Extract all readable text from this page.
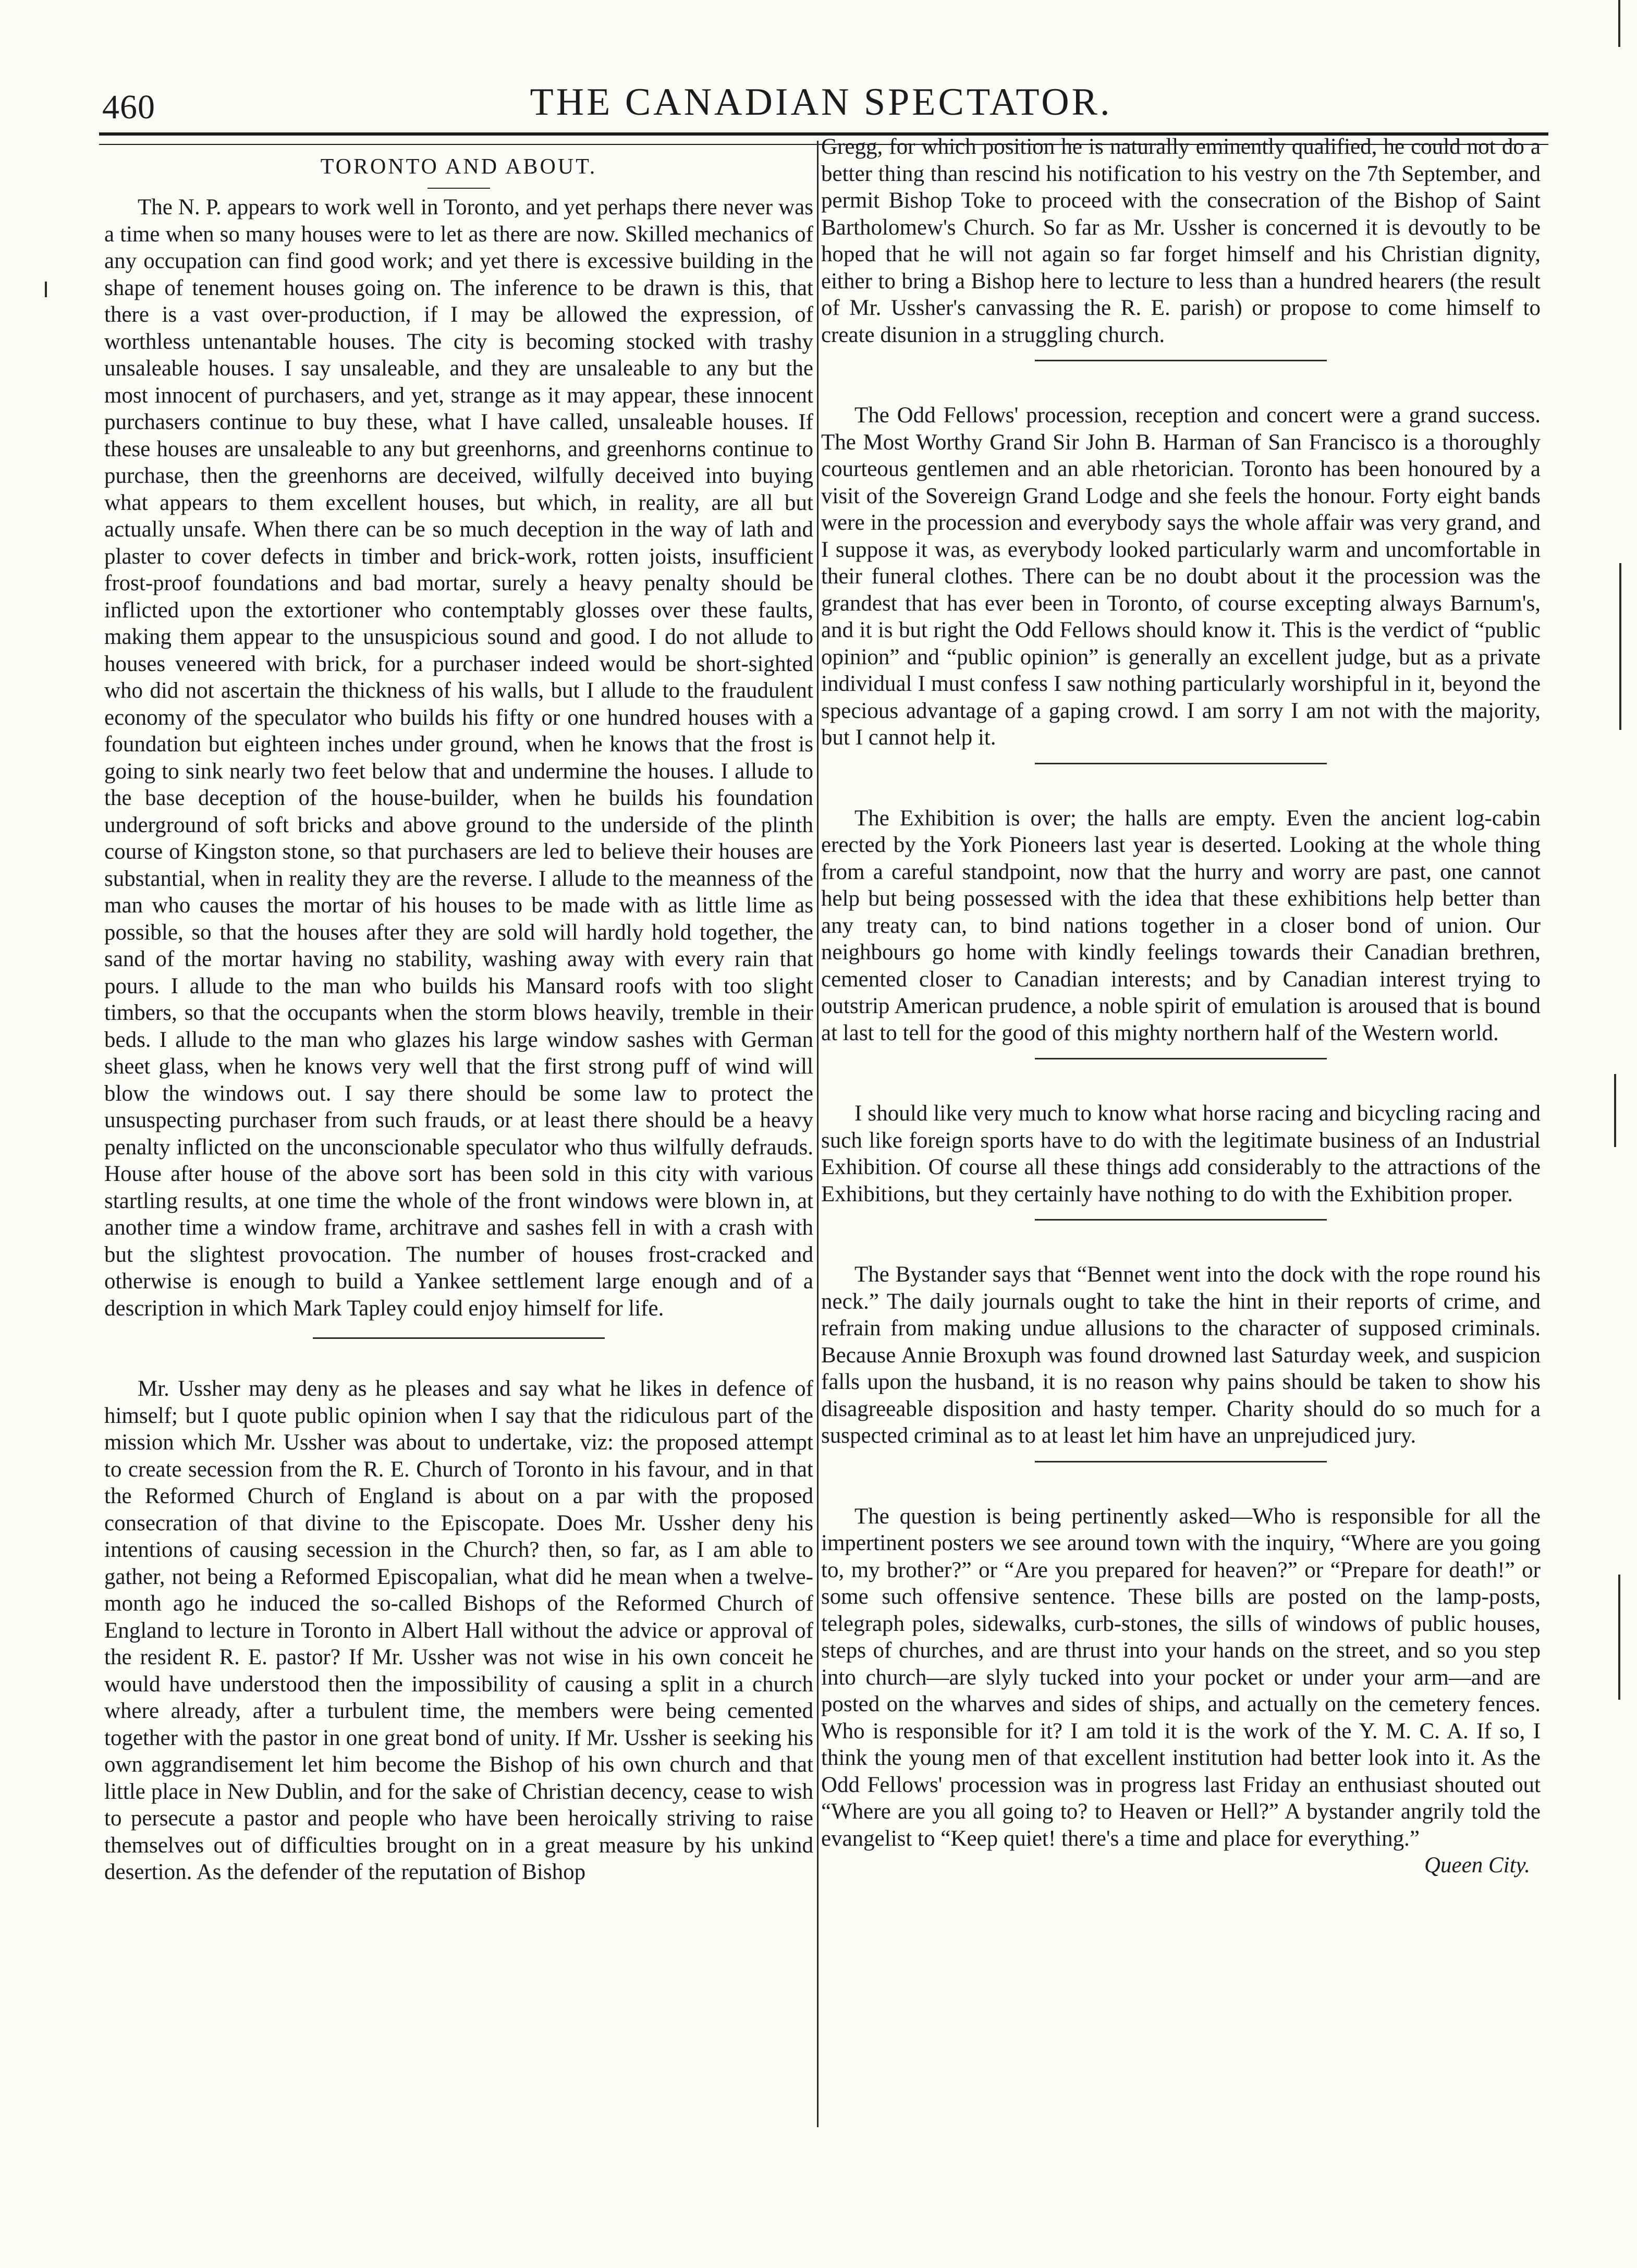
460	THE CANADIAN SPECTATOR.
TORONTO AND ABOUT.

The N. P. appears to work well in Toronto, and yet perhaps there never was a time when so many houses were to let as there are now. Skilled mechanics of any occupation can find good work; and yet there is excessive building in the shape of tenement houses going on. The inference to be drawn is this, that there is a vast over-production, if I may be allowed the expression, of worthless untenantable houses. The city is becoming stocked with trashy unsaleable houses. I say unsaleable, and they are unsaleable to any but the most innocent of purchasers, and yet, strange as it may appear, these innocent purchasers continue to buy these, what I have called, unsaleable houses. If these houses are unsaleable to any but greenhorns, and greenhorns continue to purchase, then the greenhorns are deceived, wilfully deceived into buying what appears to them excellent houses, but which, in reality, are all but actually unsafe. When there can be so much deception in the way of lath and plaster to cover defects in timber and brick-work, rotten joists, insufficient frost-proof foundations and bad mortar, surely a heavy penalty should be inflicted upon the extortioner who contemptably glosses over these faults, making them appear to the unsuspicious sound and good. I do not allude to houses veneered with brick, for a purchaser indeed would be short-sighted who did not ascertain the thickness of his walls, but I allude to the fraudulent economy of the speculator who builds his fifty or one hundred houses with a foundation but eighteen inches under ground, when he knows that the frost is going to sink nearly two feet below that and undermine the houses. I allude to the base deception of the house-builder, when he builds his foundation underground of soft bricks and above ground to the underside of the plinth course of Kingston stone, so that purchasers are led to believe their houses are substantial, when in reality they are the reverse. I allude to the meanness of the man who causes the mortar of his houses to be made with as little lime as possible, so that the houses after they are sold will hardly hold together, the sand of the mortar having no stability, washing away with every rain that pours. I allude to the man who builds his Mansard roofs with too slight timbers, so that the occupants when the storm blows heavily, tremble in their beds. I allude to the man who glazes his large window sashes with German sheet glass, when he knows very well that the first strong puff of wind will blow the windows out. I say there should be some law to protect the unsuspecting purchaser from such frauds, or at least there should be a heavy penalty inflicted on the unconscionable speculator who thus wilfully defrauds. House after house of the above sort has been sold in this city with various startling results, at one time the whole of the front windows were blown in, at another time a window frame, architrave and sashes fell in with a crash with but the slightest provocation. The number of houses frost-cracked and otherwise is enough to build a Yankee settlement large enough and of a description in which Mark Tapley could enjoy himself for life.

Mr. Ussher may deny as he pleases and say what he likes in defence of himself; but I quote public opinion when I say that the ridiculous part of the mission which Mr. Ussher was about to undertake, viz: the proposed attempt to create secession from the R. E. Church of Toronto in his favour, and in that the Reformed Church of England is about on a par with the proposed consecration of that divine to the Episcopate. Does Mr. Ussher deny his intentions of causing secession in the Church? then, so far, as I am able to gather, not being a Reformed Episcopalian, what did he mean when a twelve-month ago he induced the so-called Bishops of the Reformed Church of England to lecture in Toronto in Albert Hall without the advice or approval of the resident R. E. pastor? If Mr. Ussher was not wise in his own conceit he would have understood then the impossibility of causing a split in a church where already, after a turbulent time, the members were being cemented together with the pastor in one great bond of unity. If Mr. Ussher is seeking his own aggrandisement let him become the Bishop of his own church and that little place in New Dublin, and for the sake of Christian decency, cease to wish to persecute a pastor and people who have been heroically striving to raise themselves out of difficulties brought on in a great measure by his unkind desertion. As the defender of the reputation of Bishop

Gregg, for which position he is naturally eminently qualified, he could not do a better thing than rescind his notification to his vestry on the 7th September, and permit Bishop Toke to proceed with the consecration of the Bishop of Saint Bartholomew's Church. So far as Mr. Ussher is concerned it is devoutly to be hoped that he will not again so far forget himself and his Christian dignity, either to bring a Bishop here to lecture to less than a hundred hearers (the result of Mr. Ussher's canvassing the R. E. parish) or propose to come himself to create disunion in a struggling church.

The Odd Fellows' procession, reception and concert were a grand success. The Most Worthy Grand Sir John B. Harman of San Francisco is a thoroughly courteous gentlemen and an able rhetorician. Toronto has been honoured by a visit of the Sovereign Grand Lodge and she feels the honour. Forty eight bands were in the procession and everybody says the whole affair was very grand, and I suppose it was, as everybody looked particularly warm and uncomfortable in their funeral clothes. There can be no doubt about it the procession was the grandest that has ever been in Toronto, of course excepting always Barnum's, and it is but right the Odd Fellows should know it. This is the verdict of “public opinion” and “public opinion” is generally an excellent judge, but as a private individual I must confess I saw nothing particularly worshipful in it, beyond the specious advantage of a gaping crowd. I am sorry I am not with the majority, but I cannot help it.

The Exhibition is over; the halls are empty. Even the ancient log-cabin erected by the York Pioneers last year is deserted. Looking at the whole thing from a careful standpoint, now that the hurry and worry are past, one cannot help but being possessed with the idea that these exhibitions help better than any treaty can, to bind nations together in a closer bond of union. Our neighbours go home with kindly feelings towards their Canadian brethren, cemented closer to Canadian interests; and by Canadian interest trying to outstrip American prudence, a noble spirit of emulation is aroused that is bound at last to tell for the good of this mighty northern half of the Western world.

I should like very much to know what horse racing and bicycling racing and such like foreign sports have to do with the legitimate business of an Industrial Exhibition. Of course all these things add considerably to the attractions of the Exhibitions, but they certainly have nothing to do with the Exhibition proper.

The Bystander says that “Bennet went into the dock with the rope round his neck.” The daily journals ought to take the hint in their reports of crime, and refrain from making undue allusions to the character of supposed criminals. Because Annie Broxuph was found drowned last Saturday week, and suspicion falls upon the husband, it is no reason why pains should be taken to show his disagreeable disposition and hasty temper. Charity should do so much for a suspected criminal as to at least let him have an unprejudiced jury.

The question is being pertinently asked—Who is responsible for all the impertinent posters we see around town with the inquiry, “Where are you going to, my brother?” or “Are you prepared for heaven?” or “Prepare for death!” or some such offensive sentence. These bills are posted on the lamp-posts, telegraph poles, sidewalks, curb-stones, the sills of windows of public houses, steps of churches, and are thrust into your hands on the street, and so you step into church—are slyly tucked into your pocket or under your arm—and are posted on the wharves and sides of ships, and actually on the cemetery fences. Who is responsible for it? I am told it is the work of the Y. M. C. A. If so, I think the young men of that excellent institution had better look into it. As the Odd Fellows' procession was in progress last Friday an enthusiast shouted out “Where are you all going to? to Heaven or Hell?” A bystander angrily told the evangelist to “Keep quiet! there's a time and place for everything.”
Queen City.
